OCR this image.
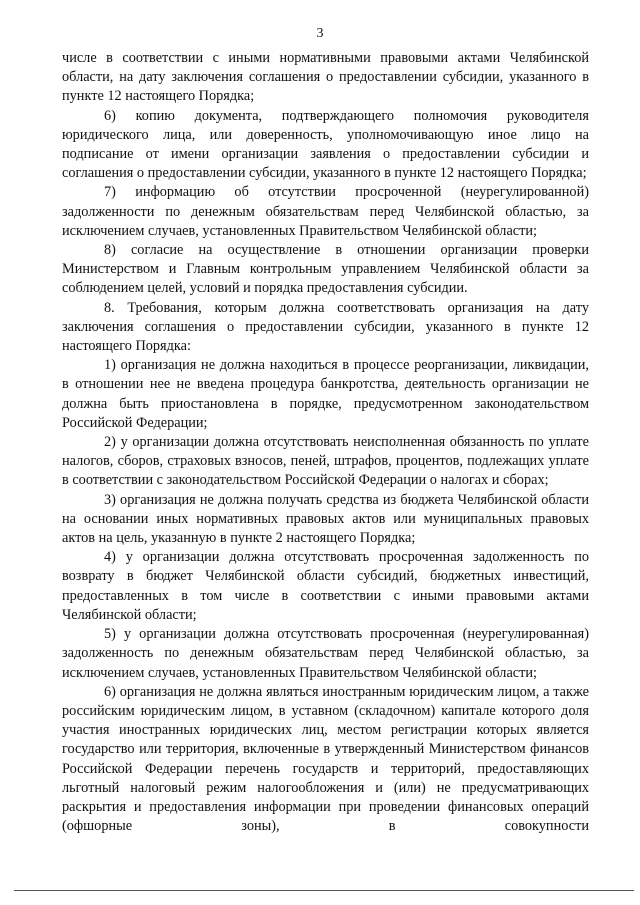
3

числе в соответствии с иными нормативными правовыми актами Челябинской области, на дату заключения соглашения о предоставлении субсидии, указанного в пункте 12 настоящего Порядка;

6) копию документа, подтверждающего полномочия руководителя юридического лица, или доверенность, уполномочивающую иное лицо на подписание от имени организации заявления о предоставлении субсидии и соглашения о предоставлении субсидии, указанного в пункте 12 настоящего Порядка;

7) информацию об отсутствии просроченной (неурегулированной) задолженности по денежным обязательствам перед Челябинской областью, за исключением случаев, установленных Правительством Челябинской области;

8) согласие на осуществление в отношении организации проверки Министерством и Главным контрольным управлением Челябинской области за соблюдением целей, условий и порядка предоставления субсидии.

8. Требования, которым должна соответствовать организация на дату заключения соглашения о предоставлении субсидии, указанного в пункте 12 настоящего Порядка:

1) организация не должна находиться в процессе реорганизации, ликвидации, в отношении нее не введена процедура банкротства, деятельность организации не должна быть приостановлена в порядке, предусмотренном законодательством Российской Федерации;

2) у организации должна отсутствовать неисполненная обязанность по уплате налогов, сборов, страховых взносов, пеней, штрафов, процентов, подлежащих уплате в соответствии с законодательством Российской Федерации о налогах и сборах;

3) организация не должна получать средства из бюджета Челябинской области на основании иных нормативных правовых актов или муниципальных правовых актов на цель, указанную в пункте 2 настоящего Порядка;

4) у организации должна отсутствовать просроченная задолженность по возврату в бюджет Челябинской области субсидий, бюджетных инвестиций, предоставленных в том числе в соответствии с иными правовыми актами Челябинской области;

5) у организации должна отсутствовать просроченная (неурегулированная) задолженность по денежным обязательствам перед Челябинской областью, за исключением случаев, установленных Правительством Челябинской области;

6) организация не должна являться иностранным юридическим лицом, а также российским юридическим лицом, в уставном (складочном) капитале которого доля участия иностранных юридических лиц, местом регистрации которых является государство или территория, включенные в утвержденный Министерством финансов Российской Федерации перечень государств и территорий, предоставляющих льготный налоговый режим налогообложения и (или) не предусматривающих раскрытия и предоставления информации при проведении финансовых операций (офшорные зоны), в совокупности
